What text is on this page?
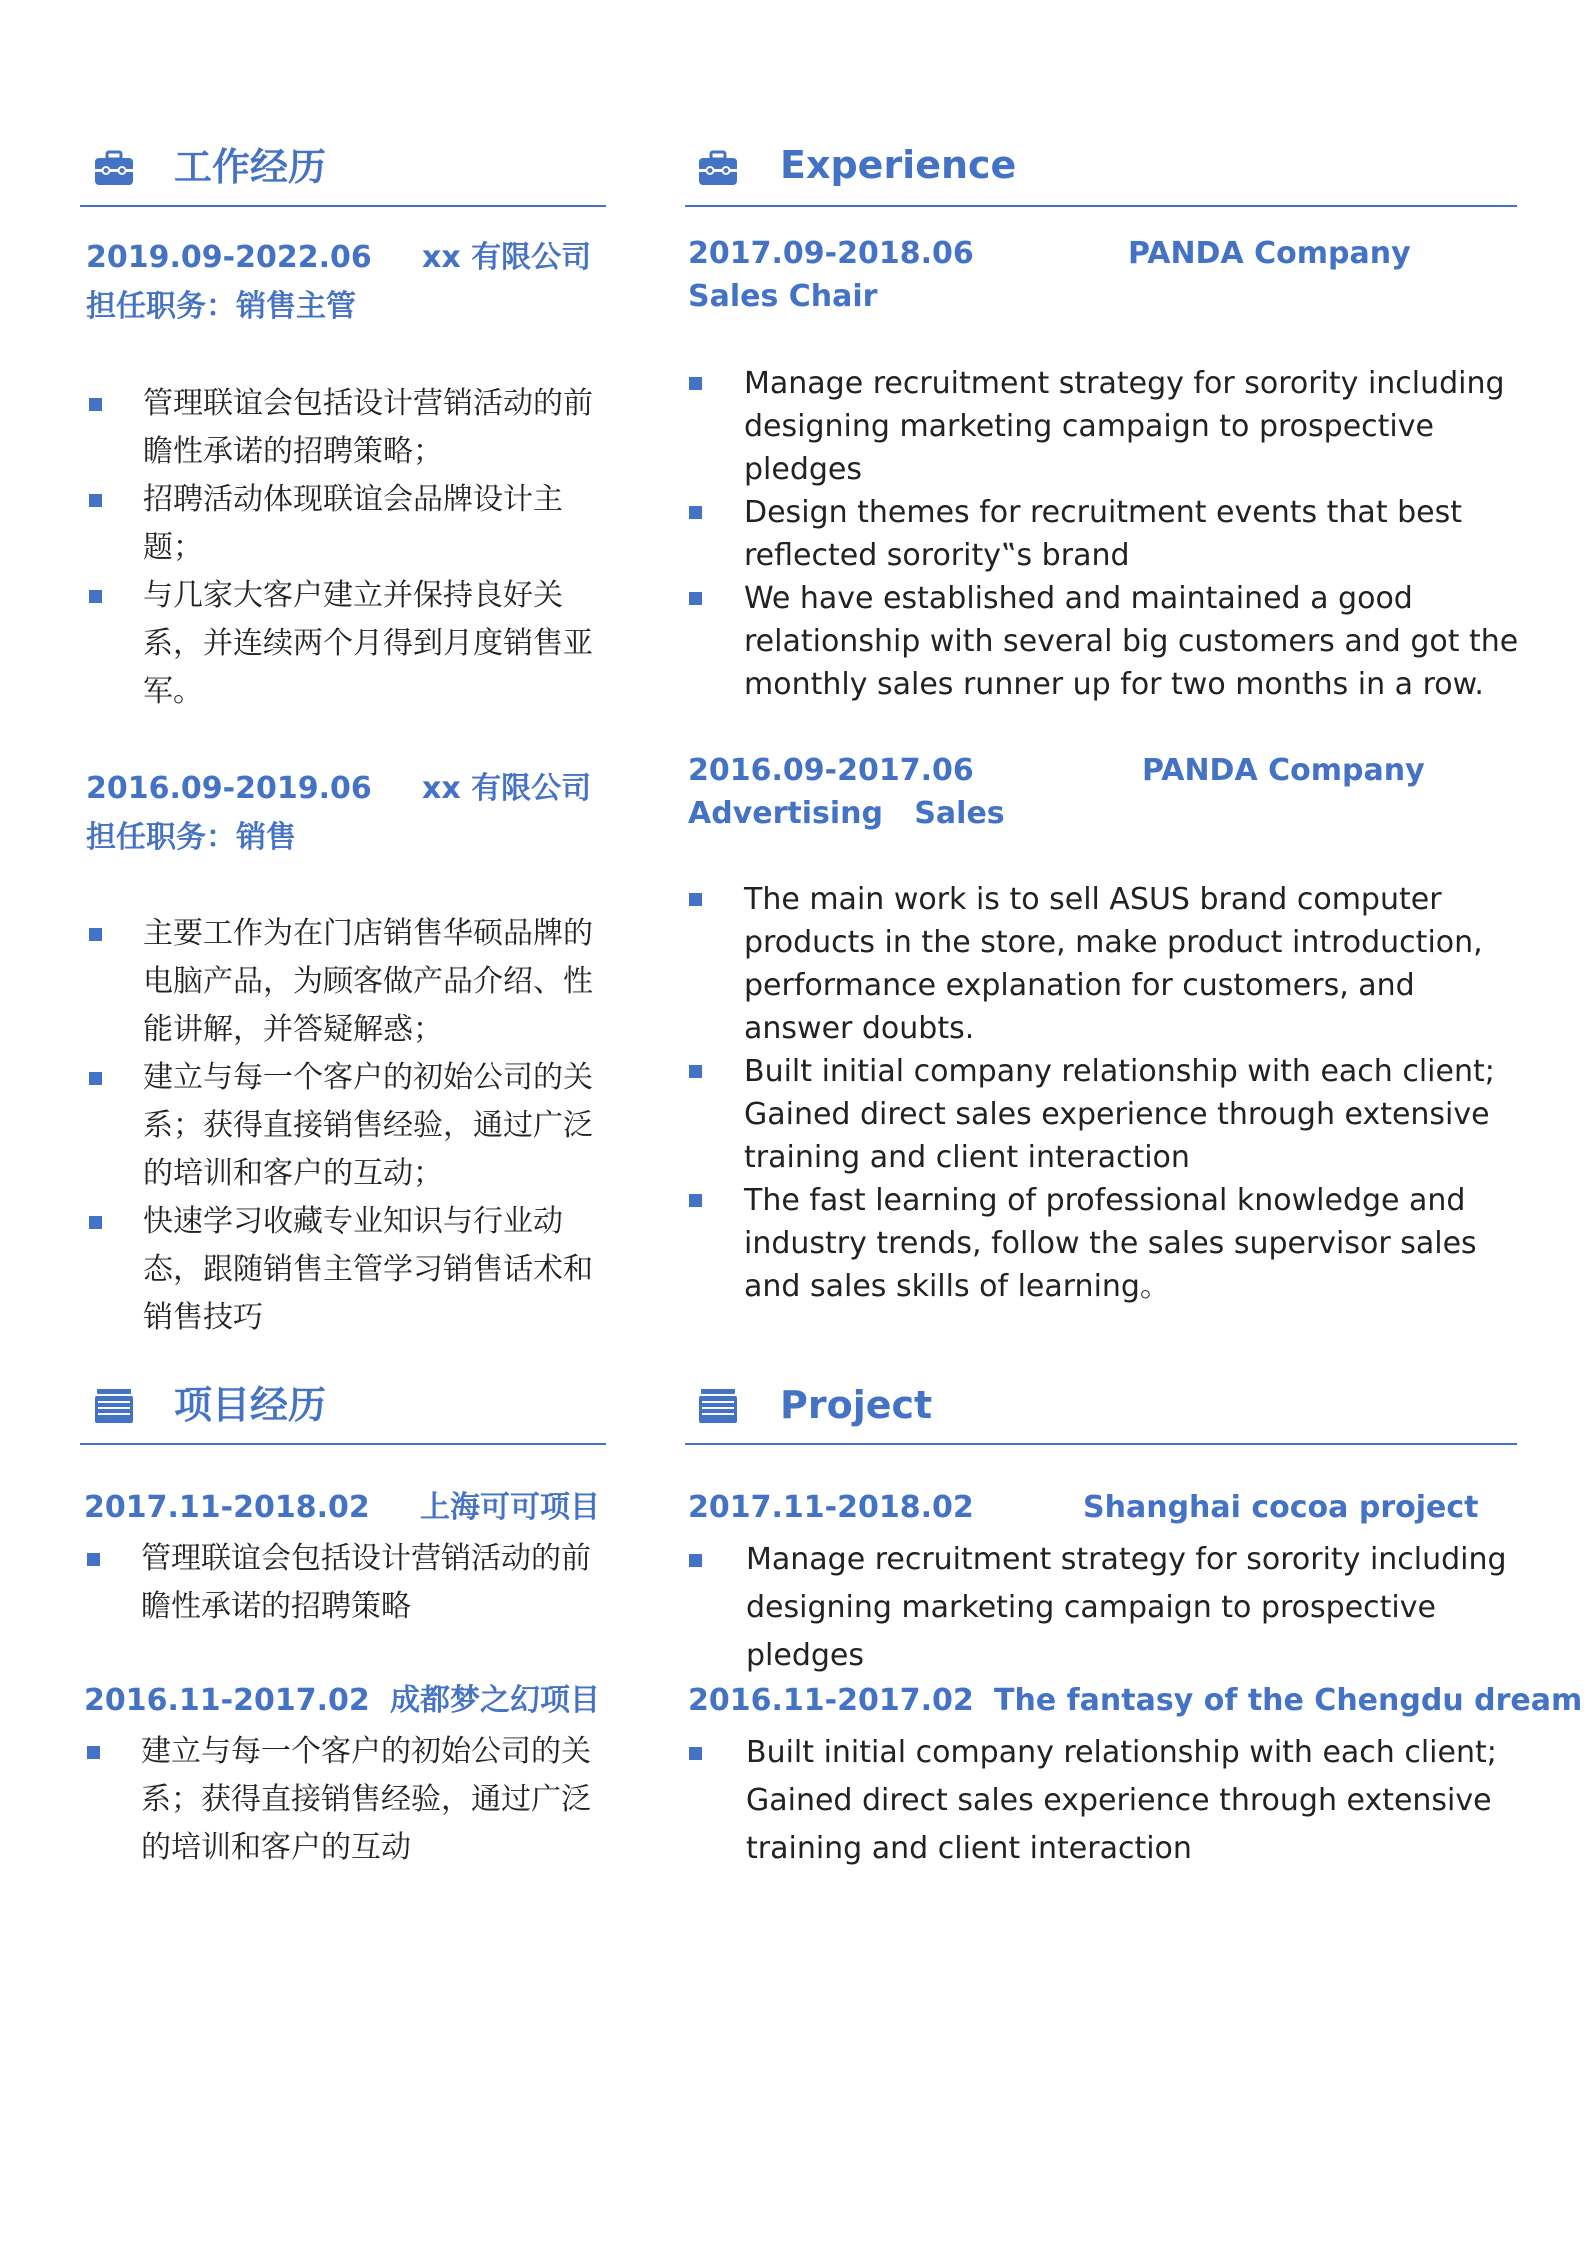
工作经历
2019.09-2022.06 xx 有限公司
担任职务：销售主管
管理联谊会包括设计营销活动的前瞻性承诺的招聘策略；
招聘活动体现联谊会品牌设计主题；
与几家大客户建立并保持良好关系，并连续两个月得到月度销售亚军。
2016.09-2019.06 xx 有限公司
担任职务：销售
主要工作为在门店销售华硕品牌的电脑产品，为顾客做产品介绍、性能讲解，并答疑解惑；
建立与每一个客户的初始公司的关系；获得直接销售经验，通过广泛的培训和客户的互动；
快速学习收藏专业知识与行业动态，跟随销售主管学习销售话术和销售技巧
项目经历
2017.11-2018.02 上海可可项目
管理联谊会包括设计营销活动的前瞻性承诺的招聘策略
2016.11-2017.02 成都梦之幻项目
建立与每一个客户的初始公司的关系；获得直接销售经验，通过广泛的培训和客户的互动
Experience
2017.09-2018.06	PANDA Company
Sales Chair
Manage recruitment strategy for sorority including designing marketing campaign to prospective pledges
Design themes for recruitment events that best reflected sorority‟s brand
We have established and maintained a good relationship with several big customers and got the monthly sales runner up for two months in a row.
2016.09-2017.06	PANDA Company
Advertising   Sales
The main work is to sell ASUS brand computer products in the store, make product introduction, performance explanation for customers, and answer doubts.
Built initial company relationship with each client; Gained direct sales experience through extensive training and client interaction
The fast learning of professional knowledge and industry trends, follow the sales supervisor sales and sales skills of learning。
Project
2017.11-2018.02	Shanghai cocoa project
Manage recruitment strategy for sorority including designing marketing campaign to prospective pledges
2016.11-2017.02 The fantasy of the Chengdu dream
Built initial company relationship with each client; Gained direct sales experience through extensive training and client interaction
